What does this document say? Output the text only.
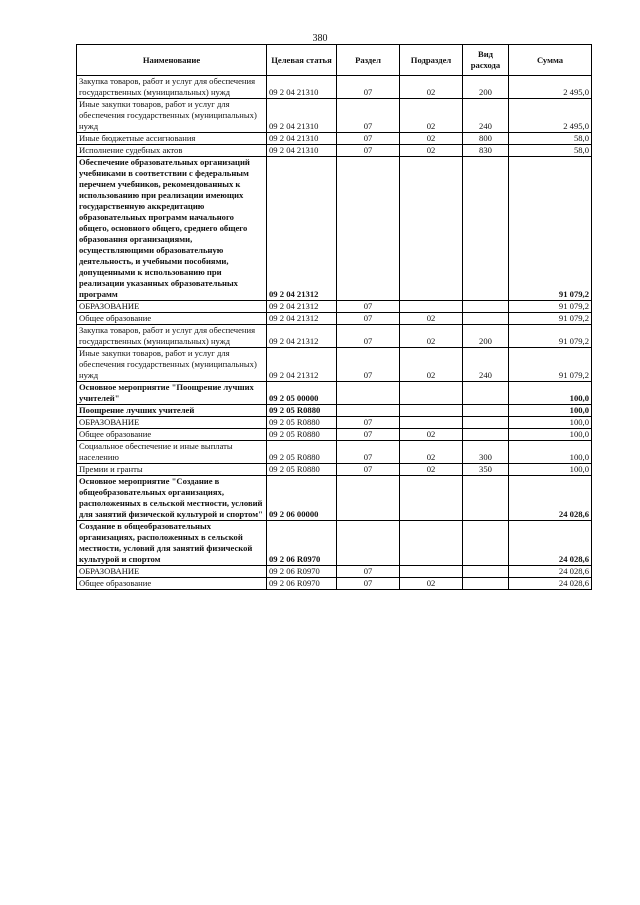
380
Наименование	Целевая статья	Раздел	Подраздел	Вид расхода	Сумма
Закупка товаров, работ и услуг для обеспечения государственных (муниципальных) нужд	09 2 04 21310	07	02	200	2 495,0
Иные закупки товаров, работ и услуг для обеспечения государственных (муниципальных) нужд	09 2 04 21310	07	02	240	2 495,0
Иные бюджетные ассигнования	09 2 04 21310	07	02	800	58,0
Исполнение судебных актов	09 2 04 21310	07	02	830	58,0
Обеспечение образовательных организаций учебниками в соответствии с федеральным перечнем учебников, рекомендованных к использованию при реализации имеющих государственную аккредитацию образовательных программ начального общего, основного общего, среднего общего образования организациями, осуществляющими образовательную деятельность, и учебными пособиями, допущенными к использованию при реализации указанных образовательных программ	09 2 04 21312				91 079,2
ОБРАЗОВАНИЕ	09 2 04 21312	07			91 079,2
Общее образование	09 2 04 21312	07	02		91 079,2
Закупка товаров, работ и услуг для обеспечения государственных (муниципальных) нужд	09 2 04 21312	07	02	200	91 079,2
Иные закупки товаров, работ и услуг для обеспечения государственных (муниципальных) нужд	09 2 04 21312	07	02	240	91 079,2
Основное мероприятие "Поощрение лучших учителей"	09 2 05 00000				100,0
Поощрение лучших учителей	09 2 05 R0880				100,0
ОБРАЗОВАНИЕ	09 2 05 R0880	07			100,0
Общее образование	09 2 05 R0880	07	02		100,0
Социальное обеспечение и иные выплаты населению	09 2 05 R0880	07	02	300	100,0
Премии и гранты	09 2 05 R0880	07	02	350	100,0
Основное мероприятие "Создание в общеобразовательных организациях, расположенных в сельской местности, условий для занятий физической культурой и спортом"	09 2 06 00000				24 028,6
Создание в общеобразовательных организациях, расположенных в сельской местности, условий для занятий физической культурой и спортом	09 2 06 R0970				24 028,6
ОБРАЗОВАНИЕ	09 2 06 R0970	07			24 028,6
Общее образование	09 2 06 R0970	07	02		24 028,6
